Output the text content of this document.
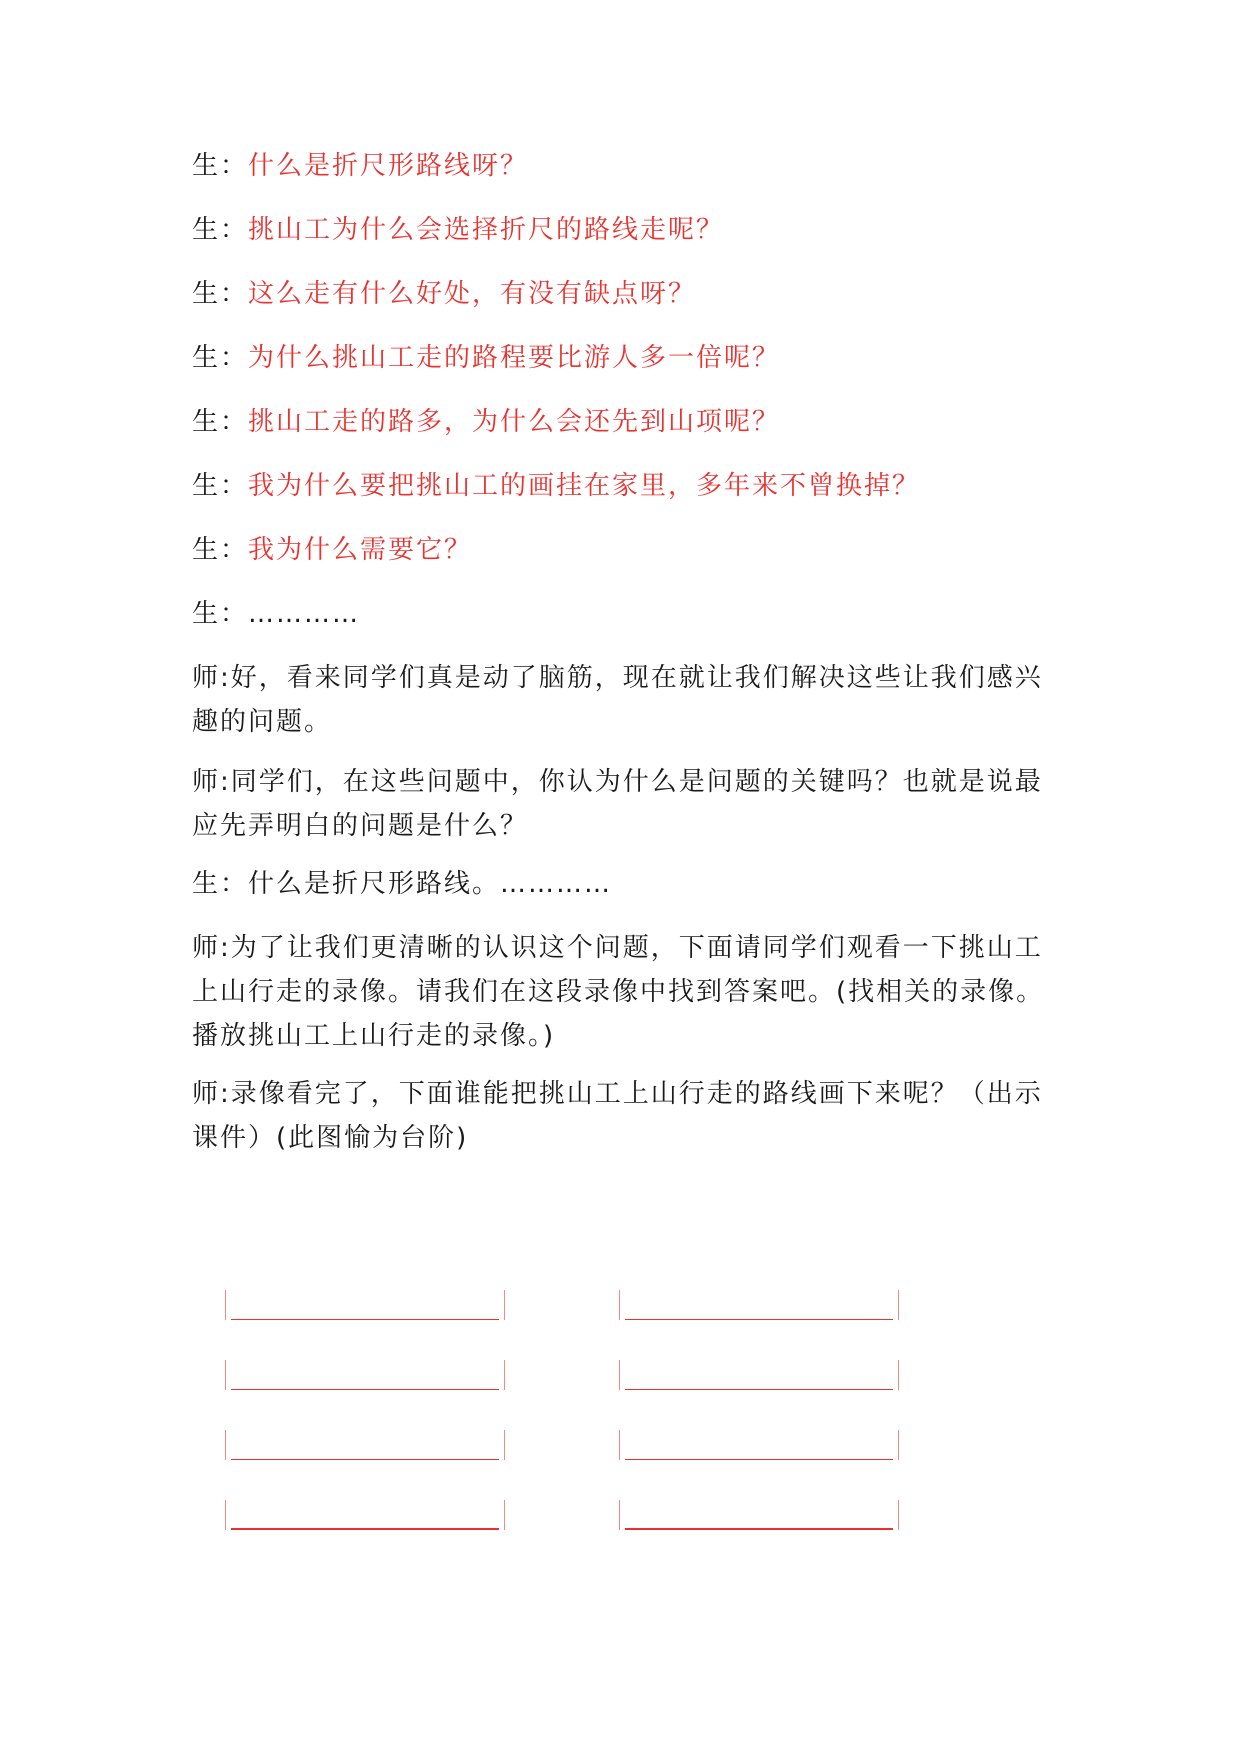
生：什么是折尺形路线呀？
生：挑山工为什么会选择折尺的路线走呢？
生：这么走有什么好处，有没有缺点呀？
生：为什么挑山工走的路程要比游人多一倍呢？
生：挑山工走的路多，为什么会还先到山项呢？
生：我为什么要把挑山工的画挂在家里，多年来不曾换掉？
生：我为什么需要它？
生：…………
师:好，看来同学们真是动了脑筋，现在就让我们解决这些让我们感兴趣的问题。
师:同学们，在这些问题中，你认为什么是问题的关键吗？也就是说最应先弄明白的问题是什么？
生：什么是折尺形路线。…………
师:为了让我们更清晰的认识这个问题，下面请同学们观看一下挑山工上山行走的录像。请我们在这段录像中找到答案吧。(找相关的录像。播放挑山工上山行走的录像。)
师:录像看完了，下面谁能把挑山工上山行走的路线画下来呢？（出示课件）(此图愉为台阶)
